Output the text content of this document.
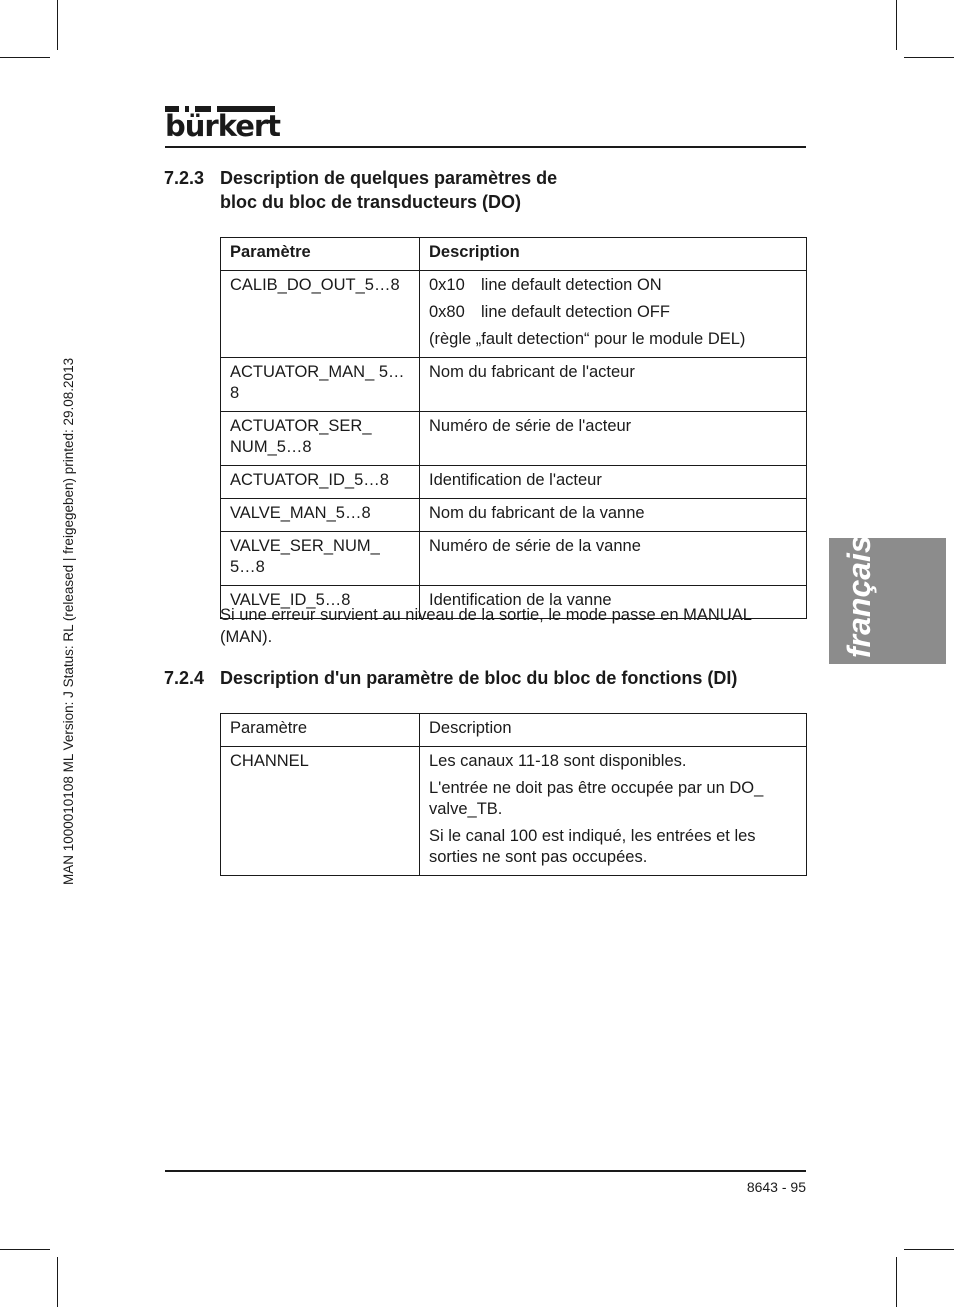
bürkert
MAN 1000010108 ML Version: J Status: RL (released | freigegeben) printed: 29.08.2013	français
7.2.3 Description de quelques paramètres de
bloc du bloc de transducteurs (DO)
Paramètre	Description
CALIB_DO_OUT_5…8	0x10 line default detection ON
0x80 line default detection OFF
(règle „fault detection“ pour le module DEL)

ACTUATOR_MAN_ 5…8	Nom du fabricant de l'acteur
ACTUATOR_SER_ NUM_5…8	Numéro de série de l'acteur
ACTUATOR_ID_5…8	Identification de l'acteur
VALVE_MAN_5…8	Nom du fabricant de la vanne
VALVE_SER_NUM_ 5…8	Numéro de série de la vanne
VALVE_ID_5…8	Identification de la vanne

Si une erreur survient au niveau de la sortie, le mode passe en MANUAL (MAN).

7.2.4 Description d'un paramètre de bloc du bloc de fonctions (DI)
Paramètre	Description
CHANNEL	Les canaux 11-18 sont disponibles.
L'entrée ne doit pas être occupée par un DO_ valve_TB.
Si le canal 100 est indiqué, les entrées et les sorties ne sont pas occupées.
8643 - 95
